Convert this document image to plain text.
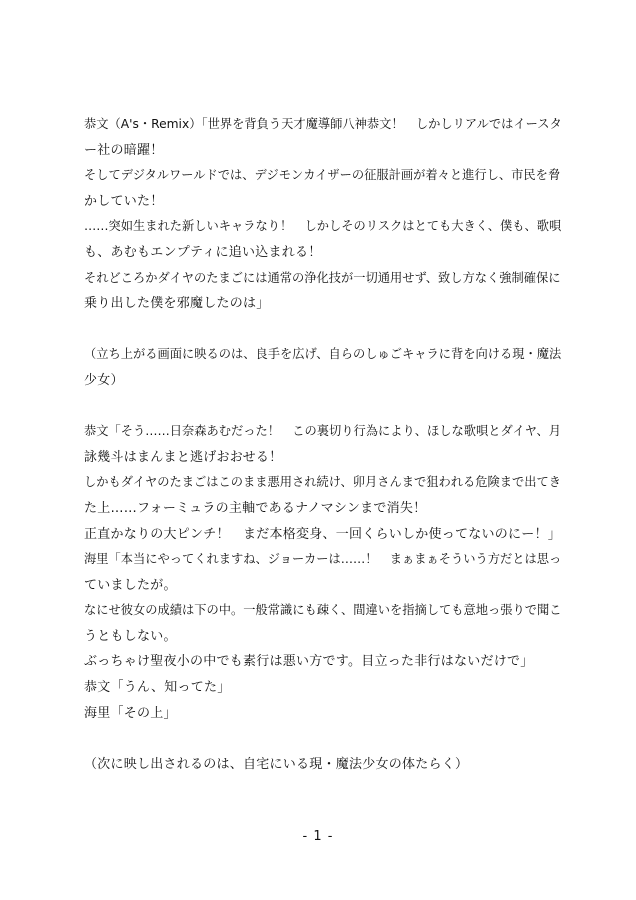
恭文（A's・Remix）「世界を背負う天才魔導師八神恭文！　しかしリアルではイースタ
ー社の暗躍！
そしてデジタルワールドでは、デジモンカイザーの征服計画が着々と進行し、市民を脅
かしていた！
……突如生まれた新しいキャラなり！　しかしそのリスクはとても大きく、僕も、歌唄
も、あむもエンプティに追い込まれる！
それどころかダイヤのたまごには通常の浄化技が一切通用せず、致し方なく強制確保に
乗り出した僕を邪魔したのは」
（立ち上がる画面に映るのは、良手を広げ、自らのしゅごキャラに背を向ける現・魔法
少女）
恭文「そう……日奈森あむだった！　この裏切り行為により、ほしな歌唄とダイヤ、月
詠幾斗はまんまと逃げおおせる！
しかもダイヤのたまごはこのまま悪用され続け、卯月さんまで狙われる危険まで出てき
た上……フォーミュラの主軸であるナノマシンまで消失！
正直かなりの大ピンチ！　まだ本格変身、一回くらいしか使ってないのにー！」
海里「本当にやってくれますね、ジョーカーは……！　まぁまぁそういう方だとは思っ
ていましたが。
なにせ彼女の成績は下の中。一般常識にも疎く、間違いを指摘しても意地っ張りで聞こ
うともしない。
ぶっちゃけ聖夜小の中でも素行は悪い方です。目立った非行はないだけで」
恭文「うん、知ってた」
海里「その上」
（次に映し出されるのは、自宅にいる現・魔法少女の体たらく）
- 1 -
